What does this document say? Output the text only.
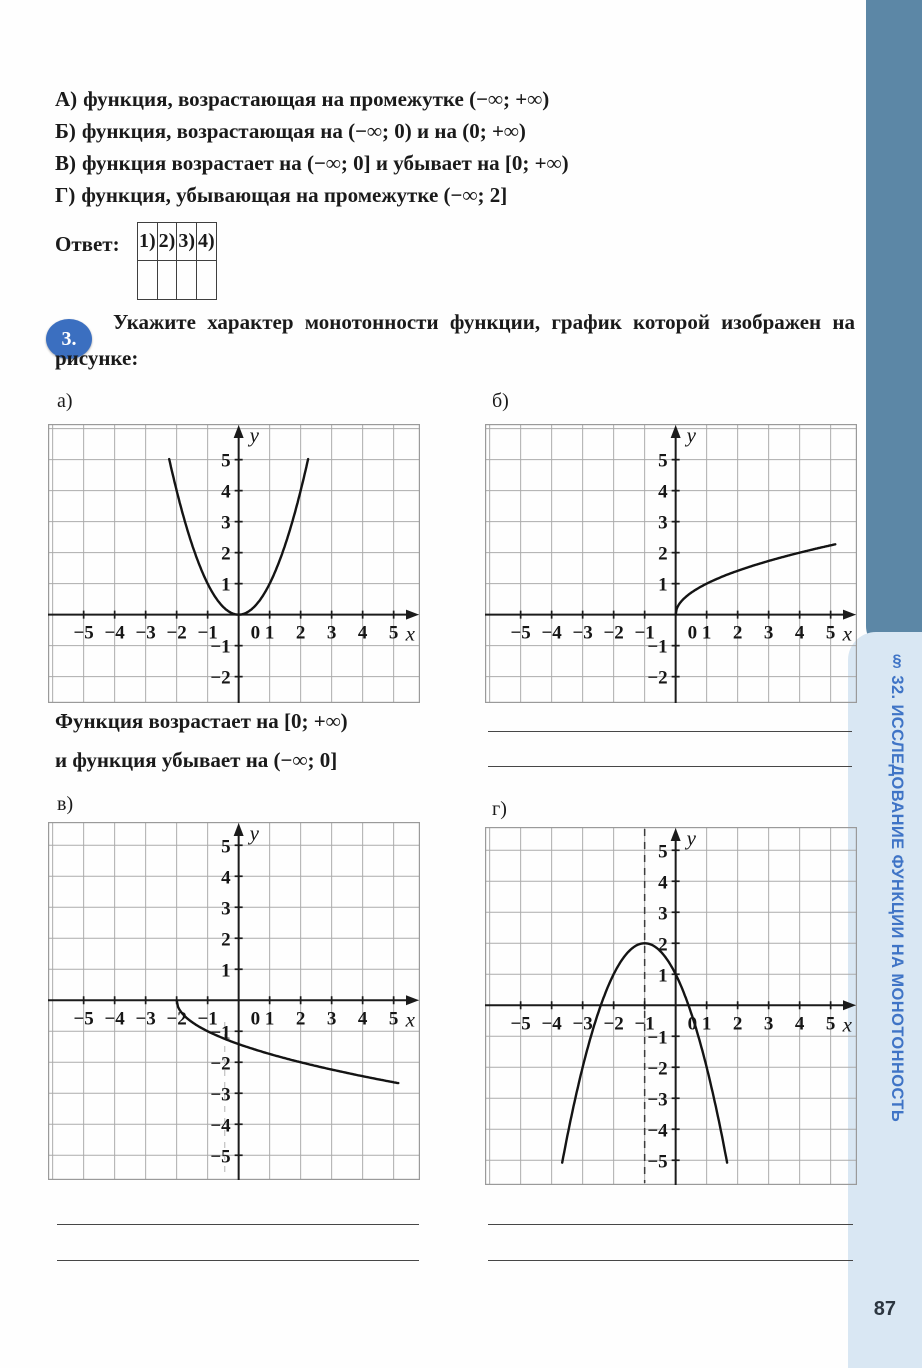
§ 32. ИССЛЕДОВАНИЕ ФУНКЦИИ НА МОНОТОННОСТЬ
87
А) функция, возрастающая на промежутке (−∞; +∞)
Б) функция, возрастающая на (−∞; 0) и на (0; +∞)
В) функция возрастает на (−∞; 0] и убывает на [0; +∞)
Г) функция, убывающая на промежутке (−∞; 2]
Ответ: 1)	2)	3)	4)

3.

Укажите характер монотонности функции, график которой изображен на рисунке:

а)	б)
в)	г)
−5 −4 −3 −2 −1 0 1 2 3 4 5
−2
−1
1
2
3
4
5
y
x	−5 −4 −3 −2 −1 0 1 2 3 4 5
−2
−1
1
2
3
4
5
y
x
−5 −4 −3 −2 −1 0 1 2 3 4 5
−5
−4
−3
−2
−1
1
2
3
4
5
y
x	−5 −4 −3 −2 −1 0 1 2 3 4 5
−5
−4
−3
−2
−1
1
2
3
4
5
y
x
Функция возрастает на [0; +∞)
и функция убывает на (−∞; 0]
